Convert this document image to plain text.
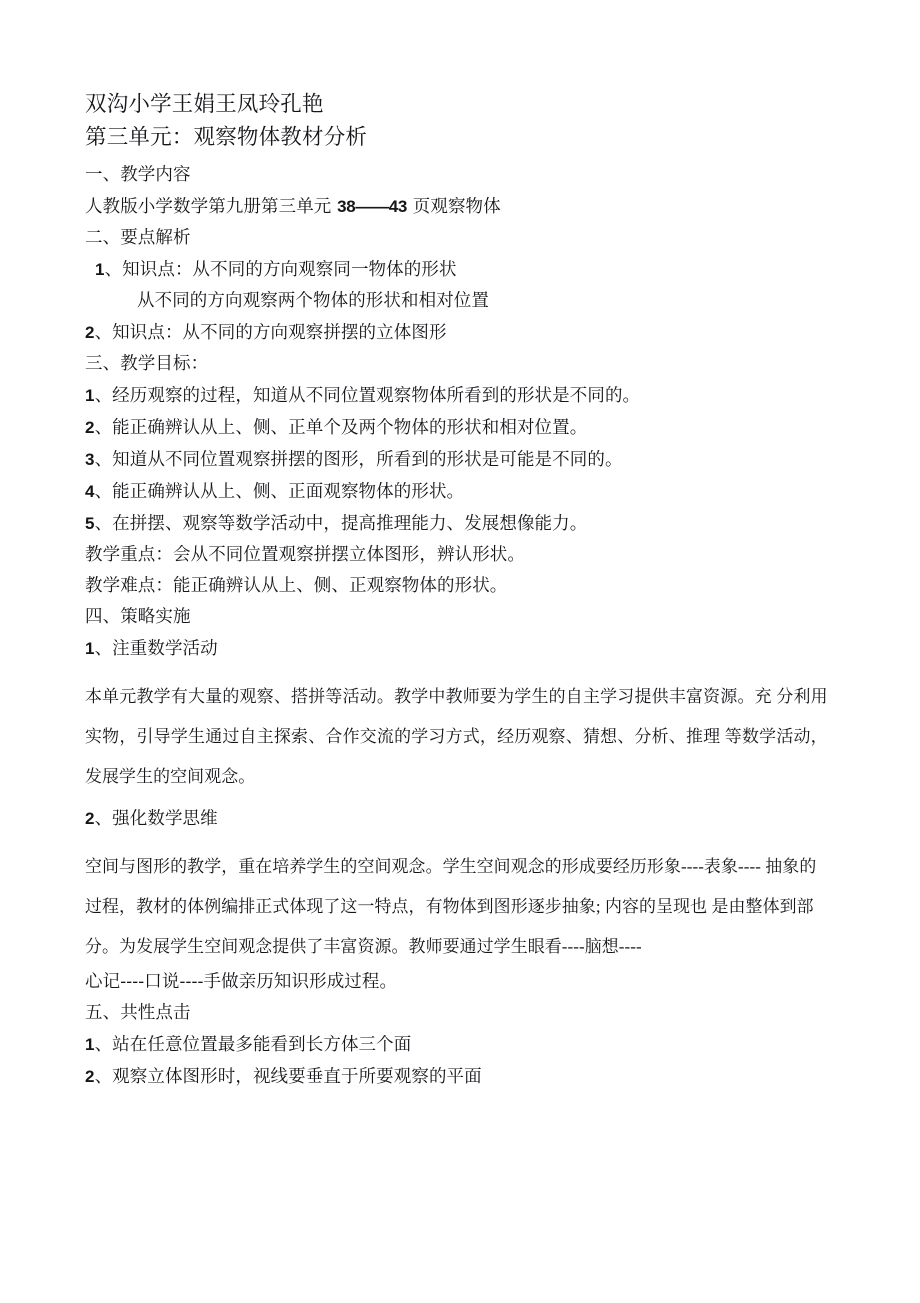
双沟小学王娟王凤玲孔艳
第三单元：观察物体教材分析
一、教学内容
人教版小学数学第九册第三单元 38——43 页观察物体
二、要点解析
1、知识点：从不同的方向观察同一物体的形状
从不同的方向观察两个物体的形状和相对位置
2、知识点：从不同的方向观察拼摆的立体图形
三、教学目标：
1、经历观察的过程，知道从不同位置观察物体所看到的形状是不同的。
2、能正确辨认从上、侧、正单个及两个物体的形状和相对位置。
3、知道从不同位置观察拼摆的图形，所看到的形状是可能是不同的。
4、能正确辨认从上、侧、正面观察物体的形状。
5、在拼摆、观察等数学活动中，提高推理能力、发展想像能力。
教学重点：会从不同位置观察拼摆立体图形，辨认形状。
教学难点：能正确辨认从上、侧、正观察物体的形状。
四、策略实施
1、注重数学活动
本单元教学有大量的观察、搭拼等活动。教学中教师要为学生的自主学习提供丰富资源。充 分利用实物，引导学生通过自主探索、合作交流的学习方式，经历观察、猜想、分析、推理 等数学活动，发展学生的空间观念。
2、强化数学思维
空间与图形的教学，重在培养学生的空间观念。学生空间观念的形成要经历形象----表象---- 抽象的过程，教材的体例编排正式体现了这一特点，有物体到图形逐步抽象; 内容的呈现也 是由整体到部分。为发展学生空间观念提供了丰富资源。教师要通过学生眼看----脑想----
心记----口说----手做亲历知识形成过程。
五、共性点击
1、站在任意位置最多能看到长方体三个面
2、观察立体图形时，视线要垂直于所要观察的平面
